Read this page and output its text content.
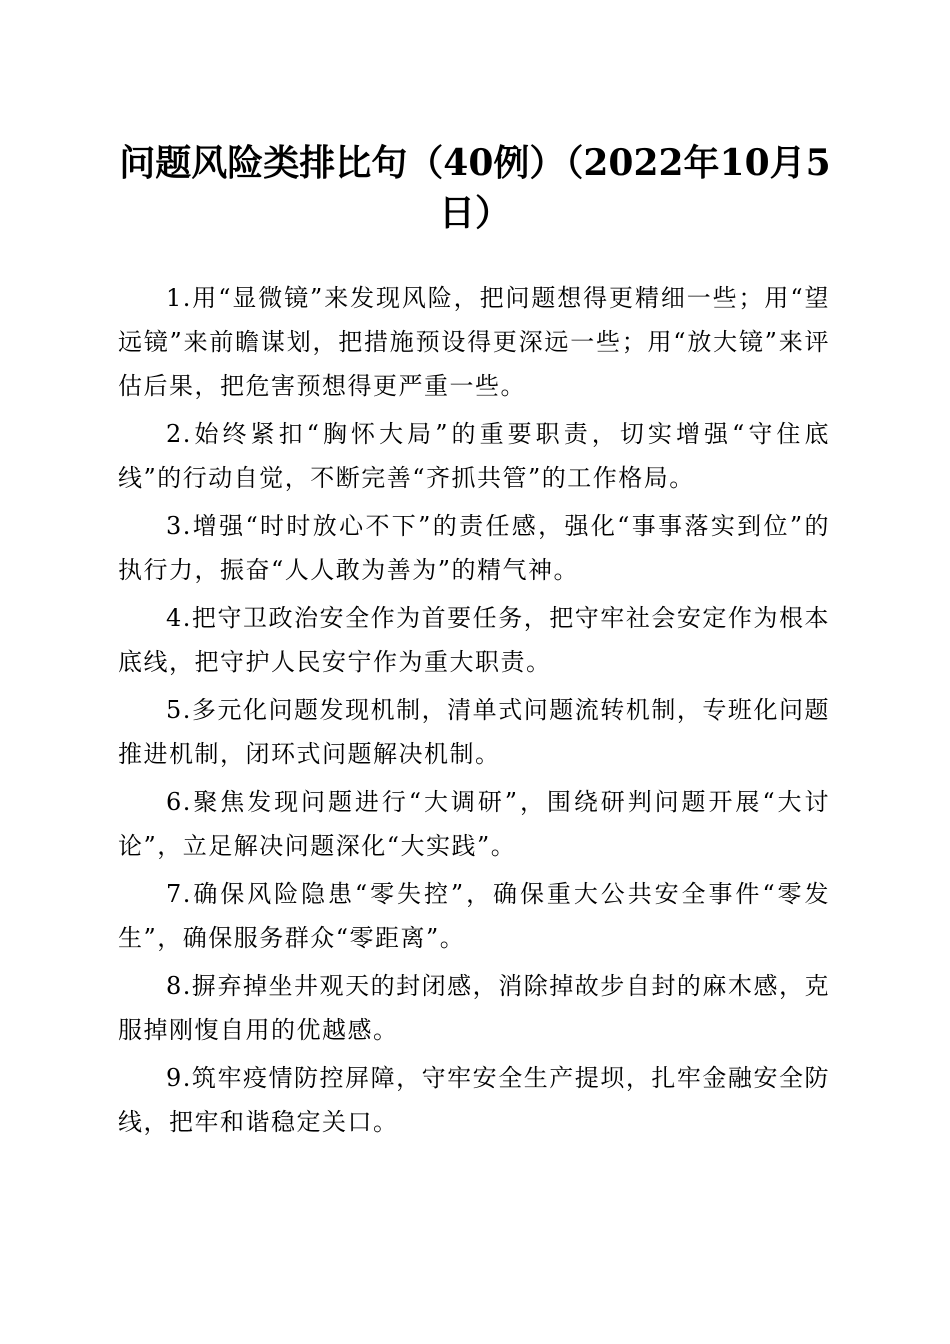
问题风险类排比句（40例）（2022年10月5日）

1.用“显微镜”来发现风险，把问题想得更精细一些；用“望远镜”来前瞻谋划，把措施预设得更深远一些；用“放大镜”来评估后果，把危害预想得更严重一些。

2.始终紧扣“胸怀大局”的重要职责，切实增强“守住底线”的行动自觉，不断完善“齐抓共管”的工作格局。

3.增强“时时放心不下”的责任感，强化“事事落实到位”的执行力，振奋“人人敢为善为”的精气神。

4.把守卫政治安全作为首要任务，把守牢社会安定作为根本底线，把守护人民安宁作为重大职责。

5.多元化问题发现机制，清单式问题流转机制，专班化问题推进机制，闭环式问题解决机制。

6.聚焦发现问题进行“大调研”，围绕研判问题开展“大讨论”，立足解决问题深化“大实践”。

7.确保风险隐患“零失控”，确保重大公共安全事件“零发生”，确保服务群众“零距离”。

8.摒弃掉坐井观天的封闭感，消除掉故步自封的麻木感，克服掉刚愎自用的优越感。

9.筑牢疫情防控屏障，守牢安全生产提坝，扎牢金融安全防线，把牢和谐稳定关口。
